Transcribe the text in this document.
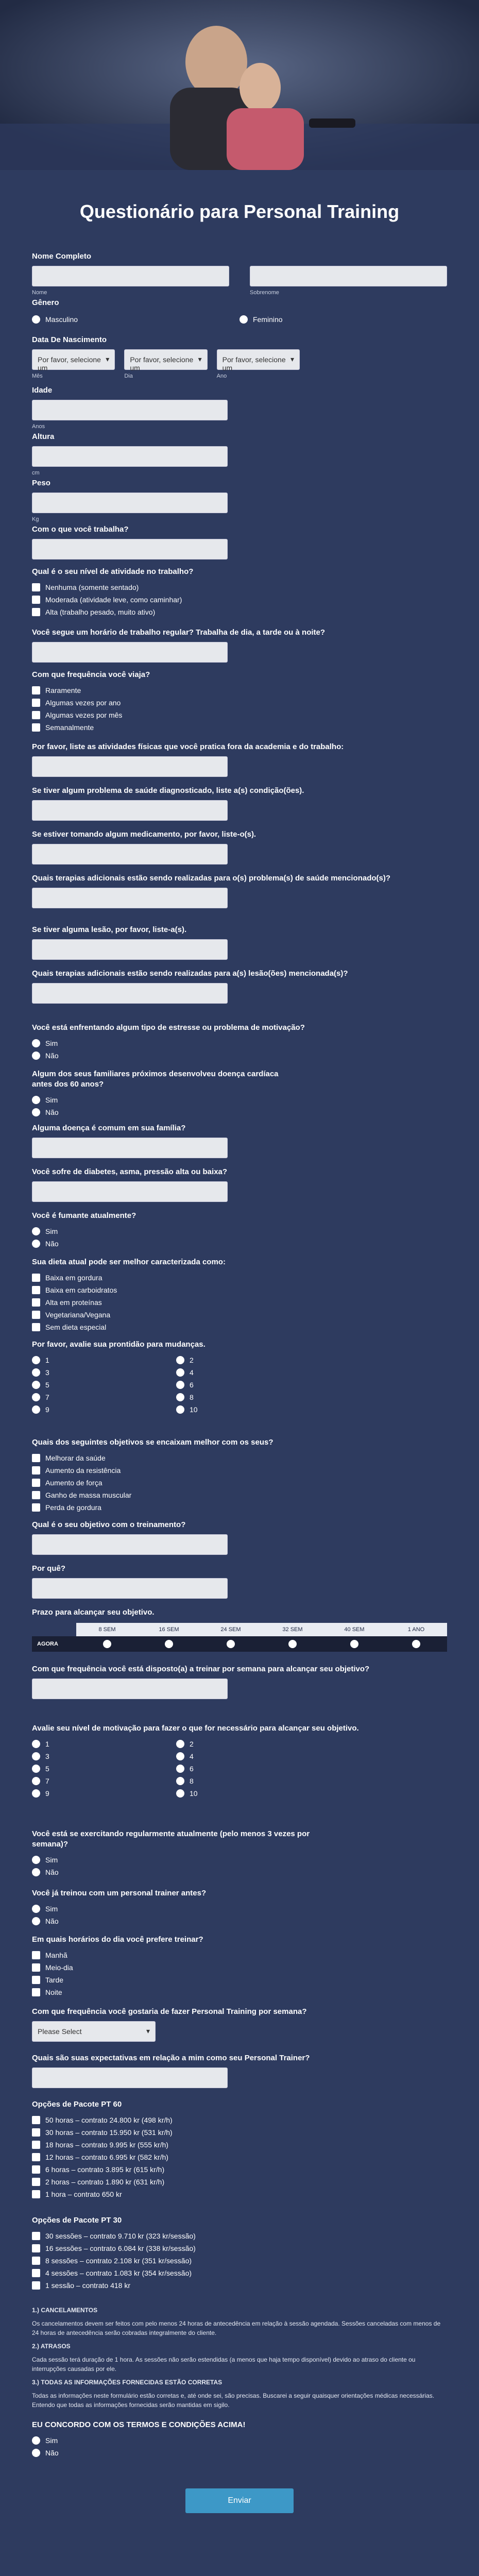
Questionário para Personal Training
Nome Completo
Nome	Sobrenome
Gênero
Masculino	Feminino
Data De Nascimento
Por favor, selecione um ▾
Mês
Por favor, selecione um ▾
Dia
Por favor, selecione um ▾
Ano
Idade
Anos
Altura
cm
Peso
Kg
Com o que você trabalha?
Qual é o seu nível de atividade no trabalho?
Nenhuma (somente sentado)
Moderada (atividade leve, como caminhar)
Alta (trabalho pesado, muito ativo)
Você segue um horário de trabalho regular? Trabalha de dia, a tarde ou à noite?
Com que frequência você viaja?
Raramente
Algumas vezes por ano
Algumas vezes por mês
Semanalmente
Por favor, liste as atividades físicas que você pratica fora da academia e do trabalho:
Se tiver algum problema de saúde diagnosticado, liste a(s) condição(ões).
Se estiver tomando algum medicamento, por favor, liste-o(s).
Quais terapias adicionais estão sendo realizadas para o(s) problema(s) de saúde mencionado(s)?
Se tiver alguma lesão, por favor, liste-a(s).
Quais terapias adicionais estão sendo realizadas para a(s) lesão(ões) mencionada(s)?
Você está enfrentando algum tipo de estresse ou problema de motivação?
Sim
Não
Algum dos seus familiares próximos desenvolveu doença cardíaca antes dos 60 anos?
Sim
Não
Alguma doença é comum em sua família?
Você sofre de diabetes, asma, pressão alta ou baixa?
Você é fumante atualmente?
Sim
Não
Sua dieta atual pode ser melhor caracterizada como:
Baixa em gordura
Baixa em carboidratos
Alta em proteínas
Vegetariana/Vegana
Sem dieta especial
Por favor, avalie sua prontidão para mudanças.
1	2
3	4
5	6
7	8
9	10
Quais dos seguintes objetivos se encaixam melhor com os seus?
Melhorar da saúde
Aumento da resistência
Aumento de força
Ganho de massa muscular
Perda de gordura
Qual é o seu objetivo com o treinamento?
Por quê?
Prazo para alcançar seu objetivo.
8 SEM	16 SEM	24 SEM	32 SEM	40 SEM	1 ANO
AGORA
Com que frequência você está disposto(a) a treinar por semana para alcançar seu objetivo?
Avalie seu nível de motivação para fazer o que for necessário para alcançar seu objetivo.
1	2
3	4
5	6
7	8
9	10
Você está se exercitando regularmente atualmente (pelo menos 3 vezes por semana)?
Sim
Não
Você já treinou com um personal trainer antes?
Sim
Não
Em quais horários do dia você prefere treinar?
Manhã
Meio-dia
Tarde
Noite
Com que frequência você gostaria de fazer Personal Training por semana?
Please Select ▾
Quais são suas expectativas em relação a mim como seu Personal Trainer?
Opções de Pacote PT 60
50 horas – contrato 24.800 kr (498 kr/h)
30 horas – contrato 15.950 kr (531 kr/h)
18 horas – contrato 9.995 kr (555 kr/h)
12 horas – contrato 6.995 kr (582 kr/h)
6 horas – contrato 3.895 kr (615 kr/h)
2 horas – contrato 1.890 kr (631 kr/h)
1 hora – contrato 650 kr
Opções de Pacote PT 30
30 sessões – contrato 9.710 kr (323 kr/sessão)
16 sessões – contrato 6.084 kr (338 kr/sessão)
8 sessões – contrato 2.108 kr (351 kr/sessão)
4 sessões – contrato 1.083 kr (354 kr/sessão)
1 sessão – contrato 418 kr
1.) CANCELAMENTOS
Os cancelamentos devem ser feitos com pelo menos 24 horas de antecedência em relação à sessão agendada. Sessões canceladas com menos de 24 horas de antecedência serão cobradas integralmente do cliente.
2.) ATRASOS
Cada sessão terá duração de 1 hora. As sessões não serão estendidas (a menos que haja tempo disponível) devido ao atraso do cliente ou interrupções causadas por ele.
3.) TODAS AS INFORMAÇÕES FORNECIDAS ESTÃO CORRETAS
Todas as informações neste formulário estão corretas e, até onde sei, são precisas. Buscarei a seguir quaisquer orientações médicas necessárias. Entendo que todas as informações fornecidas serão mantidas em sigilo.
EU CONCORDO COM OS TERMOS E CONDIÇÕES ACIMA!
Sim
Não
Enviar
